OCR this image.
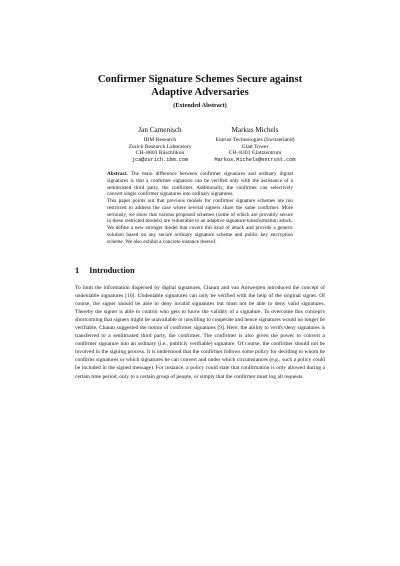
Confirmer Signature Schemes Secure against
Adaptive Adversaries
(Extended Abstract)
Jan Camenisch
IBM Research
Zurich Research Laboratory
CH–8803 Rüschlikon
jca@zurich.ibm.com
Markus Michels
Entrust Technologies (Switzerland)
Glatt Tower
CH–8301 Glattzentrum
Markus.Michels@entrust.com

Abstract. The main difference between confirmer signatures and ordinary digital signatures is that a confirmer signature can be verified only with the assistance of a semitrusted third party, the confirmer. Additionally, the confirmer can selectively convert single confirmer signatures into ordinary signatures.

This paper points out that previous models for confirmer signature schemes are too restricted to address the case where several signers share the same confirmer. More seriously, we show that various proposed schemes (some of which are provably secure in these restricted models) are vulnerable to an adaptive signature-transformation attack. We define a new stronger model that covers this kind of attack and provide a generic solution based on any secure ordinary signature scheme and public key encryption scheme. We also exhibit a concrete instance thereof.

1 Introduction

To limit the information dispersed by digital signatures, Chaum and van Antwerpen introduced the concept of undeniable signatures [10]. Undeniable signatures can only be verified with the help of the original signer. Of course, the signer should be able to deny invalid signatures but must not be able to deny valid signatures. Thereby the signer is able to control who gets to know the validity of a signature. To overcome this concept's shortcoming that signers might be unavailable or unwilling to cooperate and hence signatures would no longer be verifiable, Chaum suggested the notion of confirmer signatures [9]. Here, the ability to verify/deny signatures is transferred to a semitrusted third party, the confirmer. The confirmer is also given the power to convert a confirmer signature into an ordinary (i.e., publicly verifiable) signature. Of course, the confirmer should not be involved in the signing process. It is understood that the confirmer follows some policy for deciding to whom he confirms signatures or which signatures he can convert and under which circumstances (e.g., such a policy could be included in the signed message). For instance, a policy could state that confirmation is only allowed during a certain time period, only to a certain group of people, or simply that the confirmer must log all requests.
